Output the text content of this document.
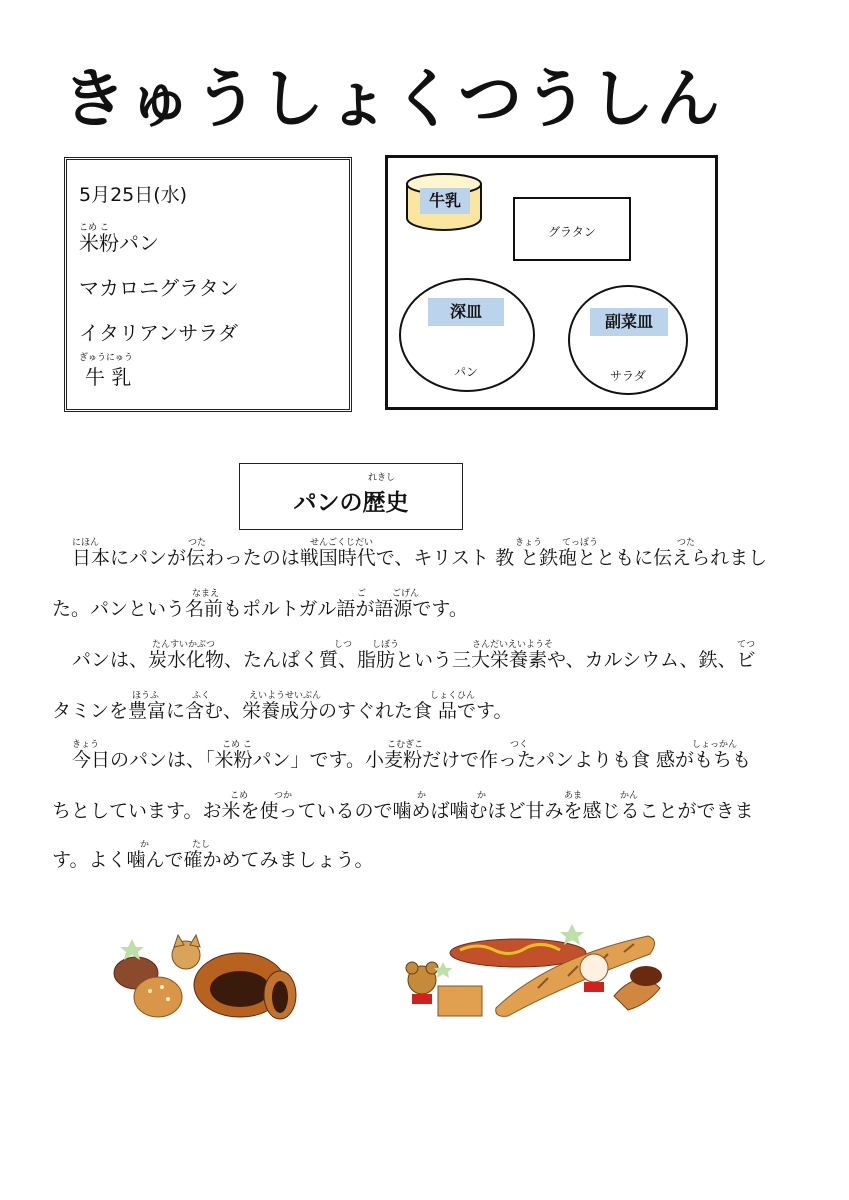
きゅうしょくつうしん
5月25日(水)
こめ こ
米粉パン
マカロニグラタン
イタリアンサラダ
ぎゅうにゅう
牛 乳
牛乳
グラタン
深皿
パン
副菜皿
サラダ
れきし
パンの歴史
日本にパンが伝わったのは戦国時代で、キリスト 教 と鉄砲とともに伝えられまし
にほん	つた	せんごくじだい	きょう てっぽう	つた
た。パンという名前もポルトガル語が語源です。
なまえ	ご	ごげん
パンは、炭水化物、たんぱく質、脂肪という三大栄養素や、カルシウム、鉄、ビ
たんすいかぶつ	しつ しぼう	さんだいえいようそ	てつ
タミンを豊富に含む、栄養成分のすぐれた食 品です。
ほうふ	ふく	えいようせいぶん	しょくひん
今日のパンは、「米粉パン」です。小麦粉だけで作ったパンよりも食 感がもちも
きょう	こめ こ	こむぎこ	つく	しょっかん
ちとしています。お米を使っているので噛めば噛むほど甘みを感じることができま
こめ	つか	か	か	あま	かん
す。よく噛んで確かめてみましょう。
か	たし
